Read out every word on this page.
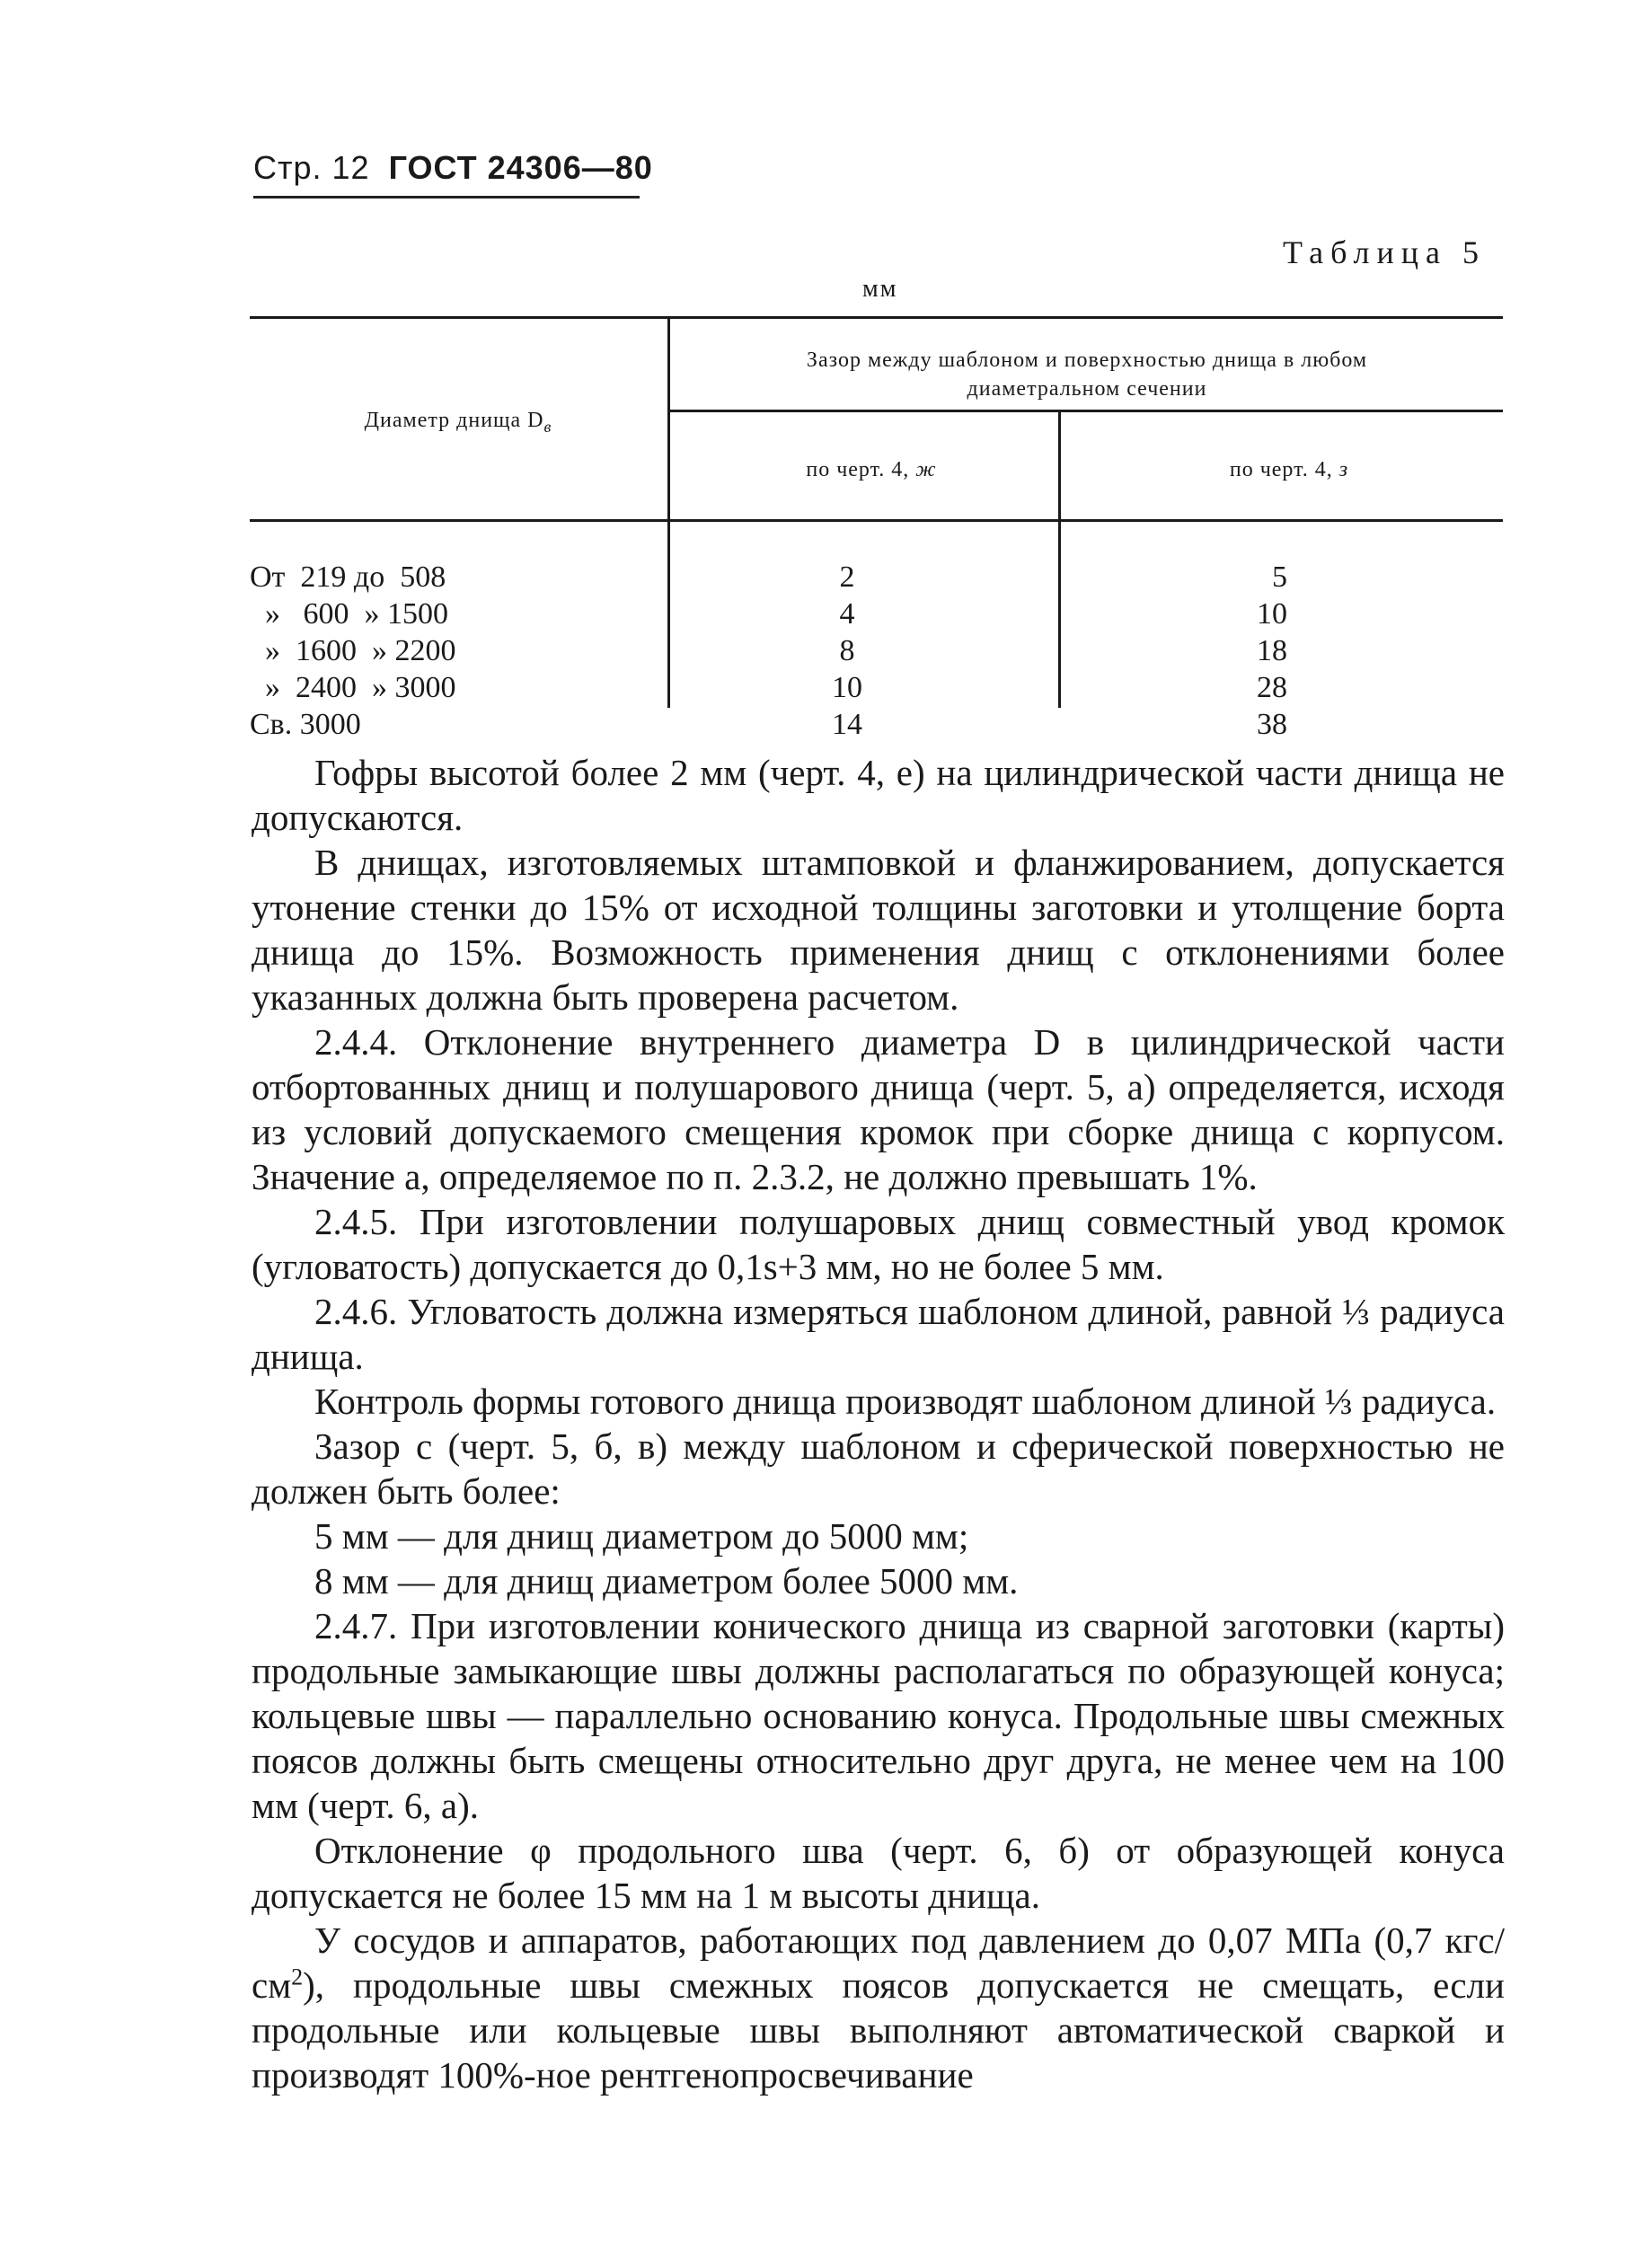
Стр. 12 ГОСТ 24306—80
Таблица 5
мм
Диаметр днища $D_в$
Зазор между шаблоном и поверхностью днища в любом
диаметральном сечении
по черт. 4, ж	по черт. 4, з
От  219 до  508	2	5
»   600  » 1500	4	10
»  1600  » 2200	8	18
»  2400  » 3000	10	28
Св. 3000	14	38

Гофры высотой более 2 мм (черт. 4, е) на цилиндрической части днища не допускаются.

В днищах, изготовляемых штамповкой и фланжированием, допускается утонение стенки до 15% от исходной толщины заготовки и утолщение борта днища до 15%. Возможность применения днищ с отклонениями более указанных должна быть проверена расчетом.

2.4.4. Отклонение внутреннего диаметра D в цилиндрической части отбортованных днищ и полушарового днища (черт. 5, а) определяется, исходя из условий допускаемого смещения кромок при сборке днища с корпусом. Значение а, определяемое по п. 2.3.2, не должно превышать 1%.

2.4.5. При изготовлении полушаровых днищ совместный увод кромок (угловатость) допускается до 0,1s+3 мм, но не более 5 мм.

2.4.6. Угловатость должна измеряться шаблоном длиной, равной ⅓ радиуса днища.

Контроль формы готового днища производят шаблоном длиной ⅓ радиуса.

Зазор с (черт. 5, б, в) между шаблоном и сферической поверхностью не должен быть более:

5 мм — для днищ диаметром до 5000 мм;

8 мм — для днищ диаметром более 5000 мм.

2.4.7. При изготовлении конического днища из сварной заготовки (карты) продольные замыкающие швы должны располагаться по образующей конуса; кольцевые швы — параллельно основанию конуса. Продольные швы смежных поясов должны быть смещены относительно друг друга, не менее чем на 100 мм (черт. 6, а).

Отклонение φ продольного шва (черт. 6, б) от образующей конуса допускается не более 15 мм на 1 м высоты днища.

У сосудов и аппаратов, работающих под давлением до 0,07 МПа (0,7 кгс/$см^2$), продольные швы смежных поясов допускается не смещать, если продольные или кольцевые швы выполняют автоматической сваркой и производят 100%-ное рентгенопросвечивание
